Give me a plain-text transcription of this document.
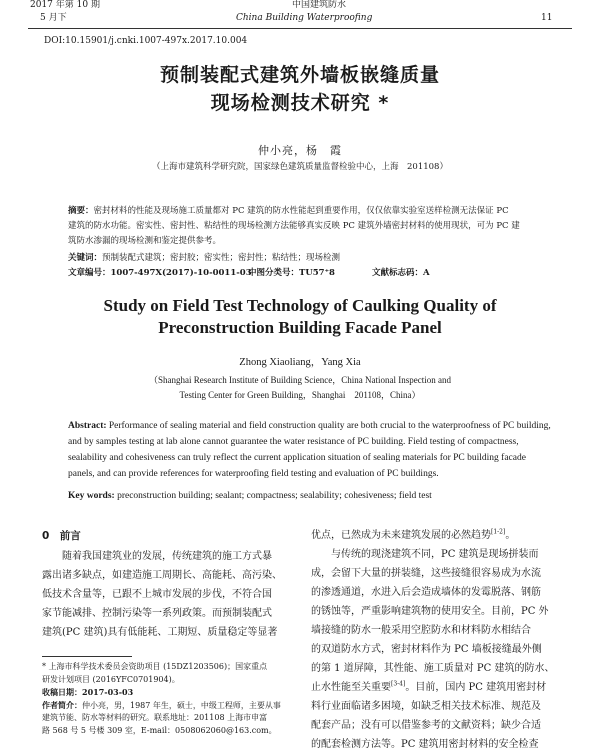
2017 年第 10 期	中国建筑防水
5 月下	China Building Waterproofing	11
DOI:10.15901/j.cnki.1007-497x.2017.10.004
预制装配式建筑外墙板嵌缝质量
现场检测技术研究 *
仲小亮，杨　霞
（上海市建筑科学研究院，国家绿色建筑质量监督检验中心，上海　201108）
摘要：密封材料的性能及现场施工质量都对 PC 建筑的防水性能起到重要作用，仅仅依靠实验室送样检测无法保证 PC
建筑的防水功能。密实性、密封性、粘结性的现场检测方法能够真实反映 PC 建筑外墙密封材料的使用现状，可为 PC 建
筑防水渗漏的现场检测和鉴定提供参考。
关键词：预制装配式建筑；密封胶；密实性；密封性；粘结性；现场检测
文章编号：1007-497X(2017)-10-0011-03
中图分类号：TU57⁺8	文献标志码：A
Study on Field Test Technology of Caulking Quality of
Preconstruction Building Facade Panel
Zhong Xiaoliang，Yang Xia
（Shanghai Research Institute of Building Science，China National Inspection and
Testing Center for Green Building，Shanghai　201108，China）
Abstract: Performance of sealing material and field construction quality are both crucial to the waterproofness of PC building,
and by samples testing at lab alone cannot guarantee the water resistance of PC building. Field testing of compactness,
sealability and cohesiveness can truly reflect the current application situation of sealing materials for PC building facade
panels, and can provide references for waterproofing field testing and evaluation of PC buildings.
Key words: preconstruction building; sealant; compactness; sealability; cohesiveness; field test
0　前言
随着我国建筑业的发展，传统建筑的施工方式暴
露出诸多缺点，如建造施工周期长、高能耗、高污染、
低技术含量等，已跟不上城市发展的步伐，不符合国
家节能减排、控制污染等一系列政策。而预制装配式
建筑(PC 建筑)具有低能耗、工期短、质量稳定等显著
* 上海市科学技术委员会资助项目 (15DZ1203506)；国家重点
研发计划项目 (2016YFC0701904)。
收稿日期：2017-03-03
作者简介：仲小亮，男，1987 年生，硕士，中级工程师，主要从事
建筑节能、防水等材料的研究。联系地址：201108 上海市申富
路 568 号 5 号楼 309 室，E-mail：0508062060@163.com。
优点，已然成为未来建筑发展的必然趋势[1-2]。
与传统的现浇建筑不同，PC 建筑是现场拼装而
成，会留下大量的拼装缝，这些接缝很容易成为水流
的渗透通道，水进入后会造成墙体的发霉脱落、钢筋
的锈蚀等，严重影响建筑物的使用安全。目前，PC 外
墙接缝的防水一般采用空腔防水和材料防水相结合
的双道防水方式，密封材料作为 PC 墙板接缝最外侧
的第 1 道屏障，其性能、施工质量对 PC 建筑的防水、
止水性能至关重要[3-4]。目前，国内 PC 建筑用密封材
料行业面临诸多困境，如缺乏相关技术标准、规范及
配套产品；没有可以借鉴参考的文献资料；缺少合适
的配套检测方法等。PC 建筑用密封材料的安全检查
